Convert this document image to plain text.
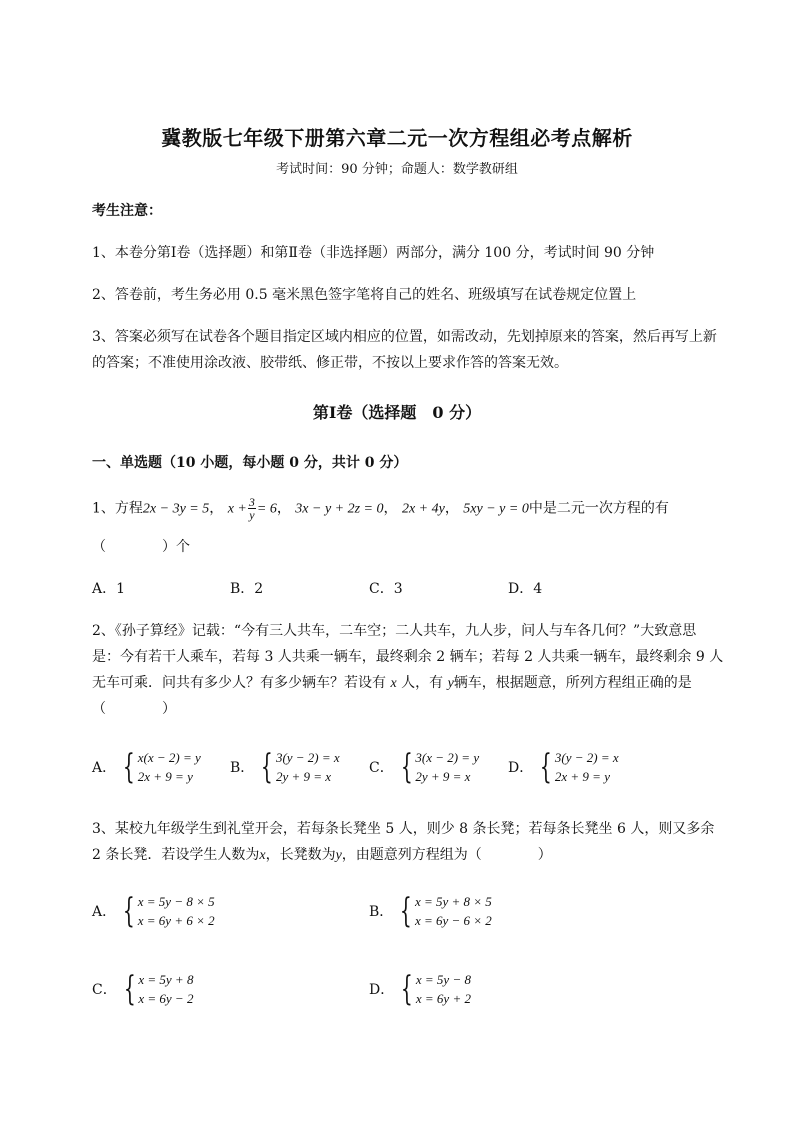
冀教版七年级下册第六章二元一次方程组必考点解析
考试时间：90 分钟；命题人：数学教研组
考生注意：
1、本卷分第Ⅰ卷（选择题）和第Ⅱ卷（非选择题）两部分，满分 100 分，考试时间 90 分钟
2、答卷前，考生务必用 0.5 毫米黑色签字笔将自己的姓名、班级填写在试卷规定位置上
3、答案必须写在试卷各个题目指定区域内相应的位置，如需改动，先划掉原来的答案，然后再写上新
的答案；不准使用涂改液、胶带纸、修正带，不按以上要求作答的答案无效。
第Ⅰ卷（选择题　0 分）
一、单选题（10 小题，每小题 0 分，共计 0 分）
1、方程2x − 3y = 5， $x + \frac{3}{y} = 6$， 3x − y + 2z = 0， 2x + 4y， 5xy − y = 0中是二元一次方程的有
（　　　　）个
A．1	B．2	C．3	D．4
2、《孙子算经》记载：“今有三人共车，二车空；二人共车，九人步，问人与车各几何？”大致意思
是：今有若干人乘车，若每 3 人共乘一辆车，最终剩余 2 辆车；若每 2 人共乘一辆车，最终剩余 9 人
无车可乘．问共有多少人？有多少辆车？若设有 x 人，有 y辆车，根据题意，所列方程组正确的是
（　　　　）
A． { x(x − 2) = y
2x + 9 = y
B． { 3(y − 2) = x
2y + 9 = x
C． { 3(x − 2) = y
2y + 9 = x
D． { 3(y − 2) = x
2x + 9 = y
3、某校九年级学生到礼堂开会，若每条长凳坐 5 人，则少 8 条长凳；若每条长凳坐 6 人，则又多余
2 条长凳．若设学生人数为x，长凳数为y，由题意列方程组为（　　　　）
A． { x = 5y − 8 × 5
x = 6y + 6 × 2
B． { x = 5y + 8 × 5
x = 6y − 6 × 2
C． { x = 5y + 8
x = 6y − 2
D． { x = 5y − 8
x = 6y + 2
